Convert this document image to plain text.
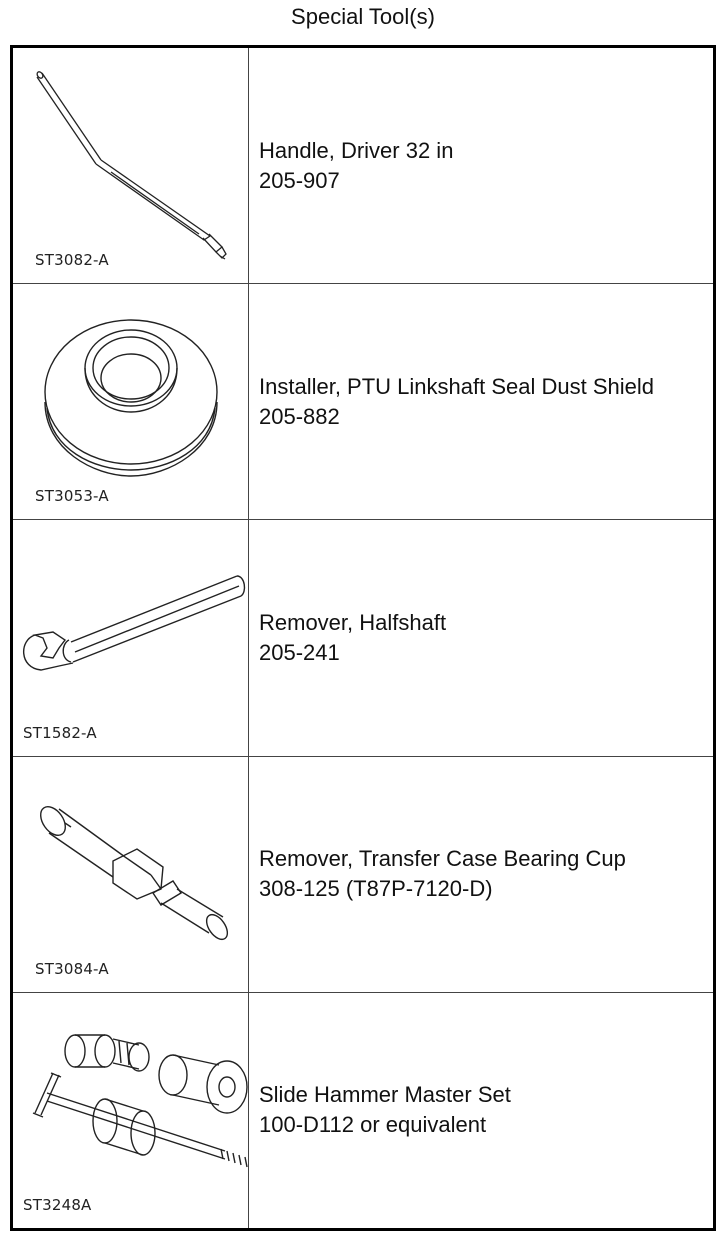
Special Tool(s)
ST3082-A
Handle, Driver 32 in
205-907
ST3053-A
Installer, PTU Linkshaft Seal Dust Shield
205-882
ST1582-A
Remover, Halfshaft
205-241
ST3084-A
Remover, Transfer Case Bearing Cup
308-125 (T87P-7120-D)
ST3248A
Slide Hammer Master Set
100-D112 or equivalent
